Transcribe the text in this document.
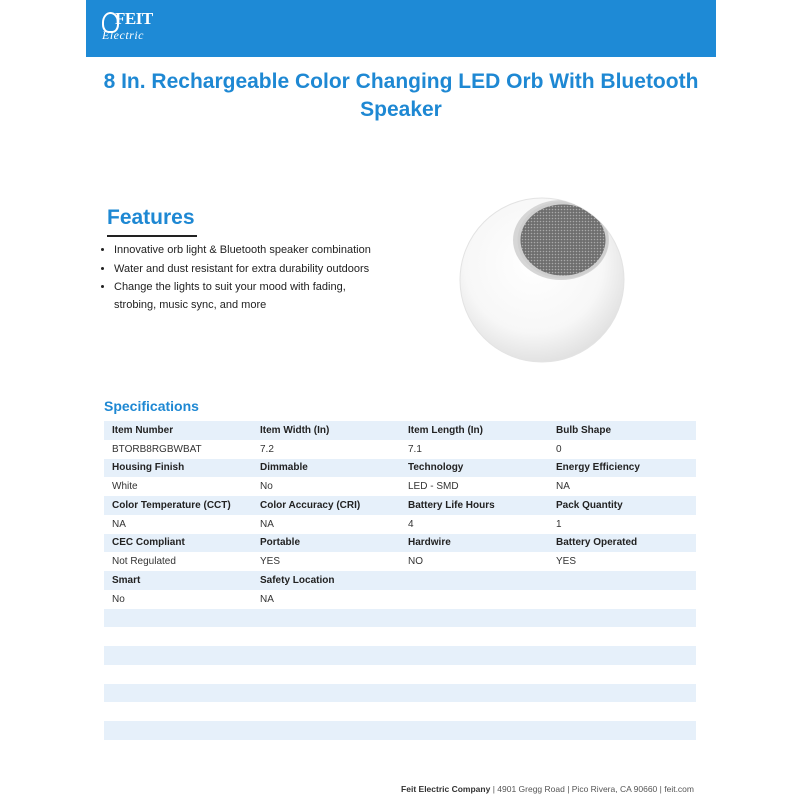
FEIT
Electric
8 In. Rechargeable Color Changing LED Orb With Bluetooth Speaker
Features
• Innovative orb light & Bluetooth speaker combination
• Water and dust resistant for extra durability outdoors
• Change the lights to suit your mood with fading, strobing, music sync, and more
Specifications
Item Number	Item Width (In)	Item Length (In)	Bulb Shape
BTORB8RGBWBAT	7.2	7.1	0
Housing Finish	Dimmable	Technology	Energy Efficiency
White	No	LED - SMD	NA
Color Temperature (CCT)	Color Accuracy (CRI)	Battery Life Hours	Pack Quantity
NA	NA	4	1
CEC Compliant	Portable	Hardwire	Battery Operated
Not Regulated	YES	NO	YES
Smart	Safety Location		
No	NA		

Feit Electric Company | 4901 Gregg Road | Pico Rivera, CA 90660 | feit.com
